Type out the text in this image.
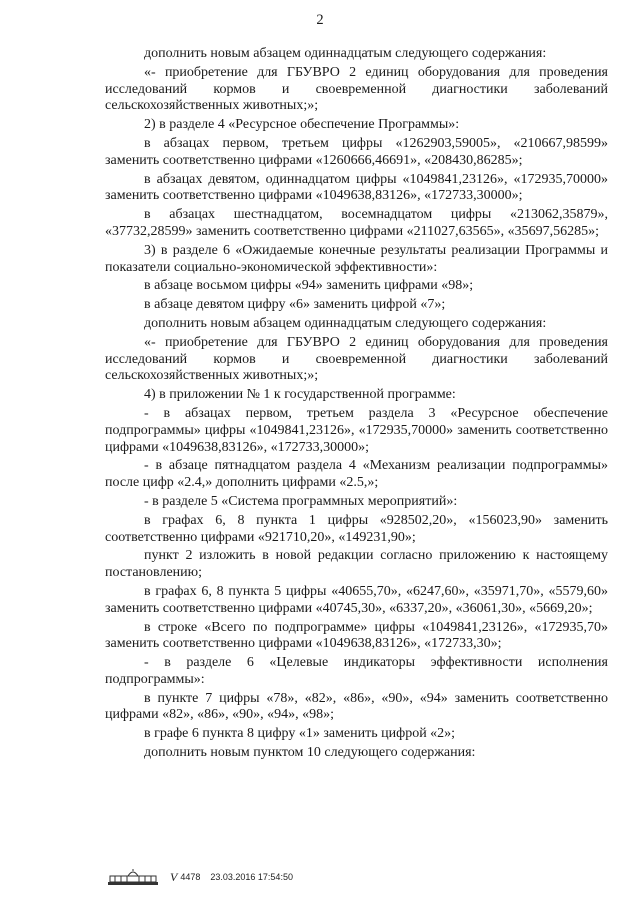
2

дополнить новым абзацем одиннадцатым следующего содержания:

«- приобретение для ГБУВРО 2 единиц оборудования для проведения исследований кормов и своевременной диагностики заболеваний сельскохозяйственных животных;»;

2) в разделе 4 «Ресурсное обеспечение Программы»:

в абзацах первом, третьем цифры «1262903,59005», «210667,98599» заменить соответственно цифрами «1260666,46691», «208430,86285»;

в абзацах девятом, одиннадцатом цифры «1049841,23126», «172935,70000» заменить соответственно цифрами «1049638,83126», «172733,30000»;

в абзацах шестнадцатом, восемнадцатом цифры «213062,35879», «37732,28599» заменить соответственно цифрами «211027,63565», «35697,56285»;

3) в разделе 6 «Ожидаемые конечные результаты реализации Программы и показатели социально-экономической эффективности»:

в абзаце восьмом цифры «94» заменить цифрами «98»;

в абзаце девятом цифру «6» заменить цифрой «7»;

дополнить новым абзацем одиннадцатым следующего содержания:

«- приобретение для ГБУВРО 2 единиц оборудования для проведения исследований кормов и своевременной диагностики заболеваний сельскохозяйственных животных;»;

4) в приложении № 1 к государственной программе:

- в абзацах первом, третьем раздела 3 «Ресурсное обеспечение подпрограммы» цифры «1049841,23126», «172935,70000» заменить соответственно цифрами «1049638,83126», «172733,30000»;

- в абзаце пятнадцатом раздела 4 «Механизм реализации подпрограммы» после цифр «2.4,» дополнить цифрами «2.5,»;

- в разделе 5 «Система программных мероприятий»:

в графах 6, 8 пункта 1 цифры «928502,20», «156023,90» заменить соответственно цифрами «921710,20», «149231,90»;

пункт 2 изложить в новой редакции согласно приложению к настоящему постановлению;

в графах 6, 8 пункта 5 цифры «40655,70», «6247,60», «35971,70», «5579,60» заменить соответственно цифрами «40745,30», «6337,20», «36061,30», «5669,20»;

в строке «Всего по подпрограмме» цифры «1049841,23126», «172935,70» заменить соответственно цифрами «1049638,83126», «172733,30»;

- в разделе 6 «Целевые индикаторы эффективности исполнения подпрограммы»:

в пункте 7 цифры «78», «82», «86», «90», «94» заменить соответственно цифрами «82», «86», «90», «94», «98»;

в графе 6 пункта 8 цифру «1» заменить цифрой «2»;

дополнить новым пунктом 10 следующего содержания:

V 4478 23.03.2016 17:54:50
